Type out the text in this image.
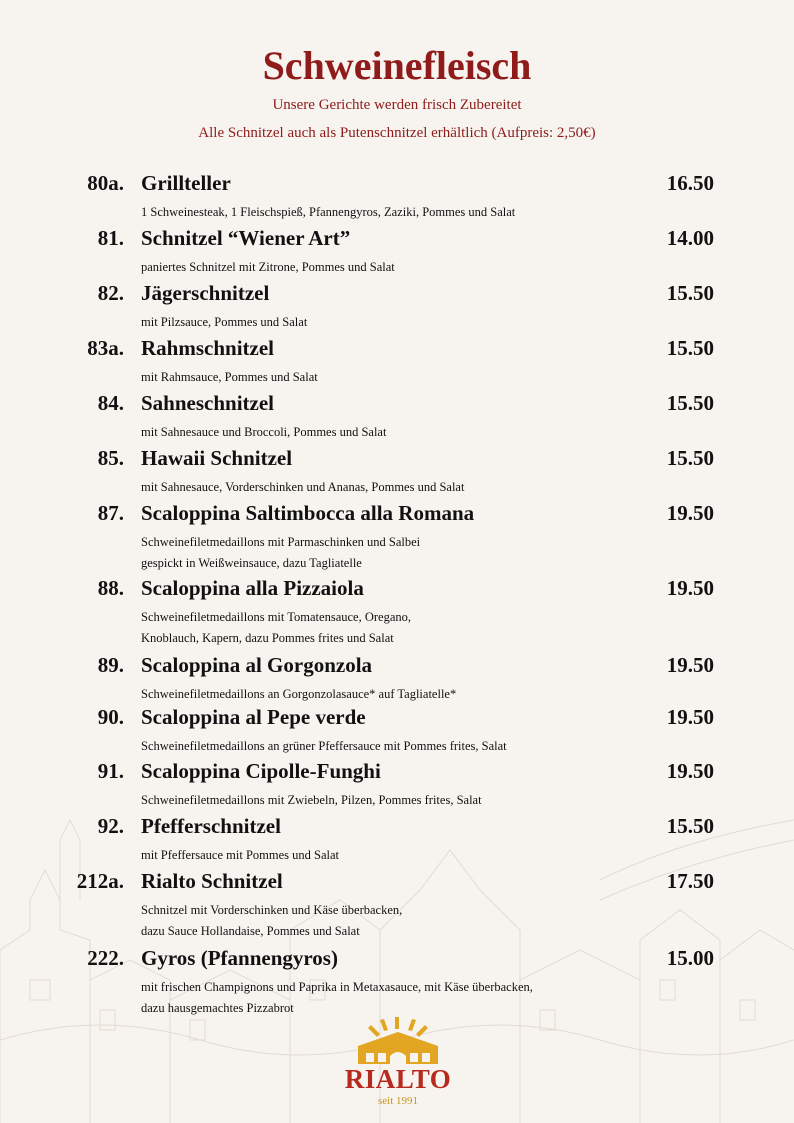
Schweinefleisch
Unsere Gerichte werden frisch Zubereitet
Alle Schnitzel auch als Putenschnitzel erhältlich (Aufpreis: 2,50€)
80a. Grillteller	16.50
1 Schweinesteak, 1 Fleischspieß, Pfannengyros, Zaziki, Pommes und Salat
81. Schnitzel “Wiener Art”	14.00
paniertes Schnitzel mit Zitrone, Pommes und Salat
82. Jägerschnitzel	15.50
mit Pilzsauce, Pommes und Salat
83a. Rahmschnitzel	15.50
mit Rahmsauce, Pommes und Salat
84. Sahneschnitzel	15.50
mit Sahnesauce und Broccoli, Pommes und Salat
85. Hawaii Schnitzel	15.50
mit Sahnesauce, Vorderschinken und Ananas, Pommes und Salat
87. Scaloppina Saltimbocca alla Romana	19.50
Schweinefiletmedaillons mit Parmaschinken und Salbei
gespickt in Weißweinsauce, dazu Tagliatelle
88. Scaloppina alla Pizzaiola	19.50
Schweinefiletmedaillons mit Tomatensauce, Oregano,
Knoblauch, Kapern, dazu Pommes frites und Salat
89. Scaloppina al Gorgonzola	19.50
Schweinefiletmedaillons an Gorgonzolasauce* auf Tagliatelle*
90. Scaloppina al Pepe verde	19.50
Schweinefiletmedaillons an grüner Pfeffersauce mit Pommes frites, Salat
91. Scaloppina Cipolle-Funghi	19.50
Schweinefiletmedaillons mit Zwiebeln, Pilzen, Pommes frites, Salat
92. Pfefferschnitzel	15.50
mit Pfeffersauce mit Pommes und Salat
212a. Rialto Schnitzel	17.50
Schnitzel mit Vorderschinken und Käse überbacken,
dazu Sauce Hollandaise, Pommes und Salat
222. Gyros (Pfannengyros)	15.00
mit frischen Champignons und Paprika in Metaxasauce, mit Käse überbacken,
dazu hausgemachtes Pizzabrot
RIALTO
seit 1991
